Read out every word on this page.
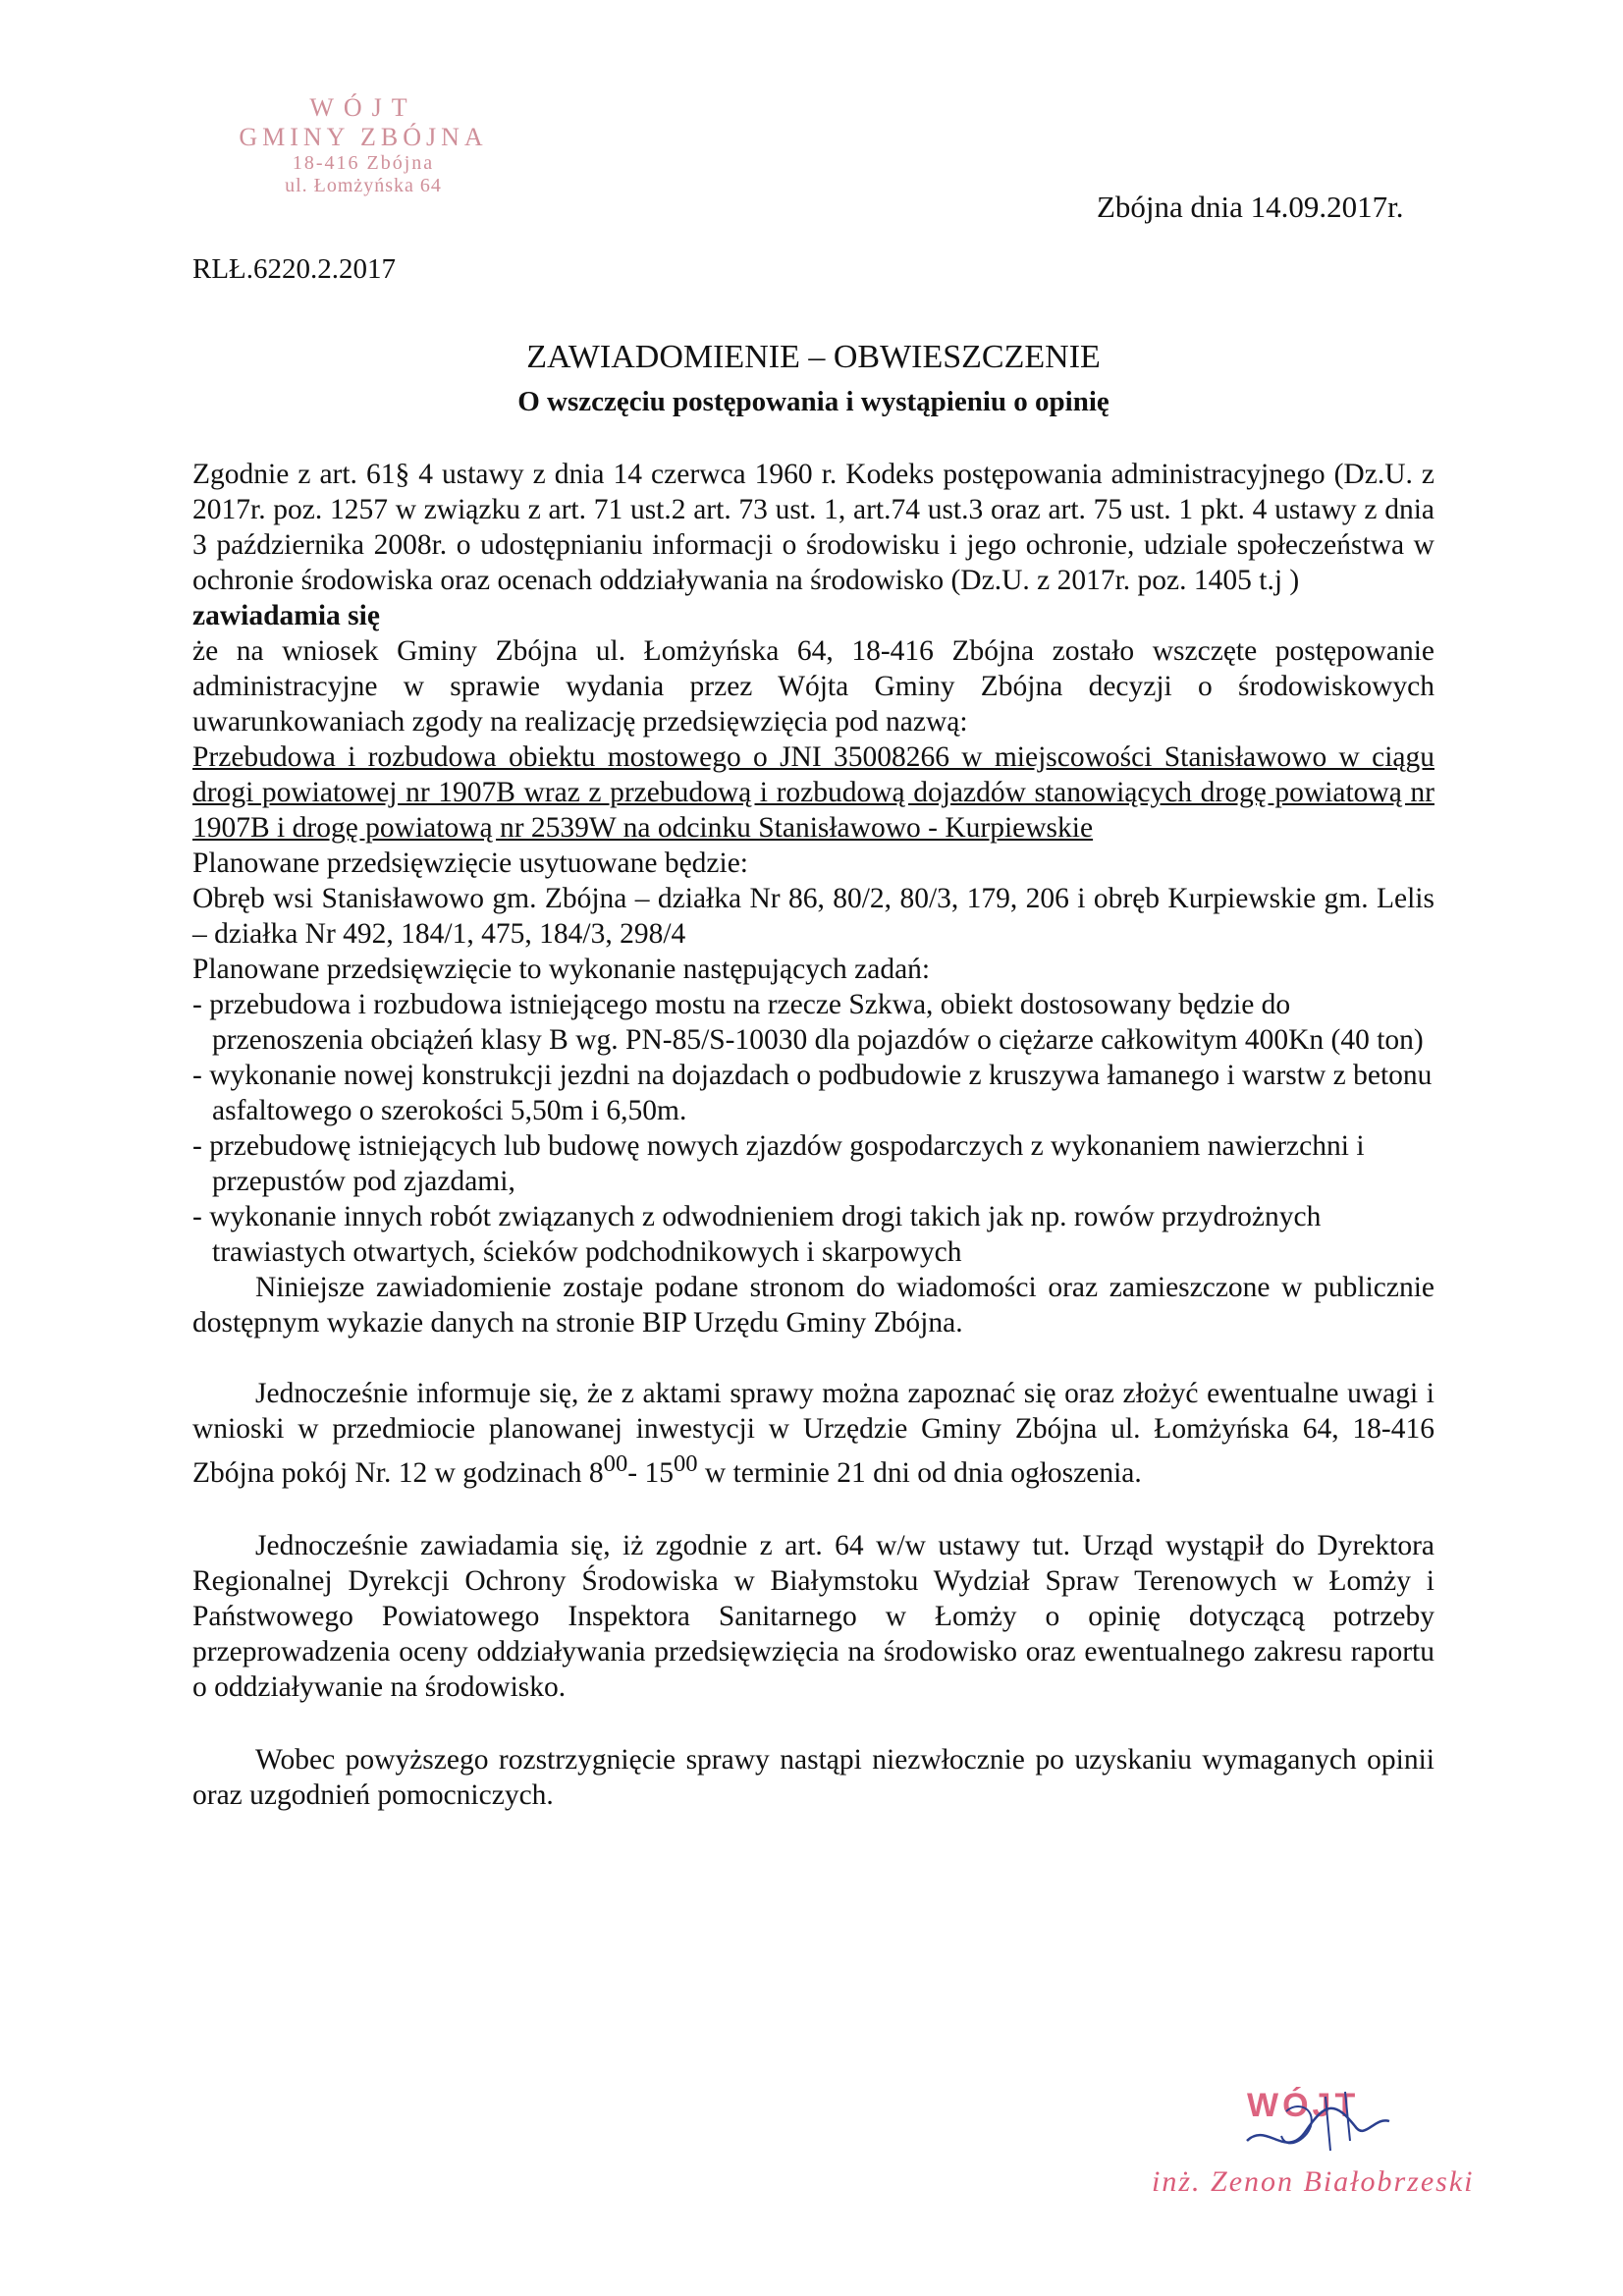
WÓJT
GMINY ZBÓJNA
18-416 Zbójna
ul. Łomżyńska 64
Zbójna dnia 14.09.2017r.
RLŁ.6220.2.2017
ZAWIADOMIENIE – OBWIESZCZENIE
O wszczęciu postępowania i wystąpieniu o opinię

Zgodnie z art. 61§ 4 ustawy z dnia 14 czerwca 1960 r. Kodeks postępowania administracyjnego (Dz.U. z 2017r. poz. 1257 w związku z art. 71 ust.2 art. 73 ust. 1, art.74 ust.3 oraz art. 75 ust. 1 pkt. 4 ustawy z dnia 3 października 2008r. o udostępnianiu informacji o środowisku i jego ochronie, udziale społeczeństwa w ochronie środowiska oraz ocenach oddziaływania na środowisko (Dz.U. z 2017r. poz. 1405 t.j )

zawiadamia się

że na wniosek Gminy Zbójna ul. Łomżyńska 64, 18-416 Zbójna zostało wszczęte postępowanie administracyjne w sprawie wydania przez Wójta Gminy Zbójna decyzji o środowiskowych uwarunkowaniach zgody na realizację przedsięwzięcia pod nazwą:

Przebudowa i rozbudowa obiektu mostowego o JNI 35008266 w miejscowości Stanisławowo w ciągu drogi powiatowej nr 1907B wraz z przebudową i rozbudową dojazdów stanowiących drogę powiatową nr 1907B i drogę powiatową nr 2539W na odcinku Stanisławowo - Kurpiewskie

Planowane przedsięwzięcie usytuowane będzie:

Obręb wsi Stanisławowo gm. Zbójna – działka Nr 86, 80/2, 80/3, 179, 206 i obręb Kurpiewskie gm. Lelis – działka Nr 492, 184/1, 475, 184/3, 298/4

Planowane przedsięwzięcie to wykonanie następujących zadań:

- przebudowa i rozbudowa istniejącego mostu na rzecze Szkwa, obiekt dostosowany będzie do przenoszenia obciążeń klasy B wg. PN-85/S-10030 dla pojazdów o ciężarze całkowitym 400Kn (40 ton)

- wykonanie nowej konstrukcji jezdni na dojazdach o podbudowie z kruszywa łamanego i warstw z betonu asfaltowego o szerokości 5,50m i 6,50m.

- przebudowę istniejących lub budowę nowych zjazdów gospodarczych z wykonaniem nawierzchni i przepustów pod zjazdami,

- wykonanie innych robót związanych z odwodnieniem drogi takich jak np. rowów przydrożnych trawiastych otwartych, ścieków podchodnikowych i skarpowych

Niniejsze zawiadomienie zostaje podane stronom do wiadomości oraz zamieszczone w publicznie dostępnym wykazie danych na stronie BIP Urzędu Gminy Zbójna.

Jednocześnie informuje się, że z aktami sprawy można zapoznać się oraz złożyć ewentualne uwagi i wnioski w przedmiocie planowanej inwestycji w Urzędzie Gminy Zbójna ul. Łomżyńska 64, 18-416 Zbójna pokój Nr. 12 w godzinach $8^{00}-$ $15^{00}$ w terminie 21 dni od dnia ogłoszenia.

Jednocześnie zawiadamia się, iż zgodnie z art. 64 w/w ustawy tut. Urząd wystąpił do Dyrektora Regionalnej Dyrekcji Ochrony Środowiska w Białymstoku Wydział Spraw Terenowych w Łomży i Państwowego Powiatowego Inspektora Sanitarnego w Łomży o opinię dotyczącą potrzeby przeprowadzenia oceny oddziaływania przedsięwzięcia na środowisko oraz ewentualnego zakresu raportu o oddziaływanie na środowisko.

Wobec powyższego rozstrzygnięcie sprawy nastąpi niezwłocznie po uzyskaniu wymaganych opinii oraz uzgodnień pomocniczych.

WÓJT
inż. Zenon Białobrzeski
